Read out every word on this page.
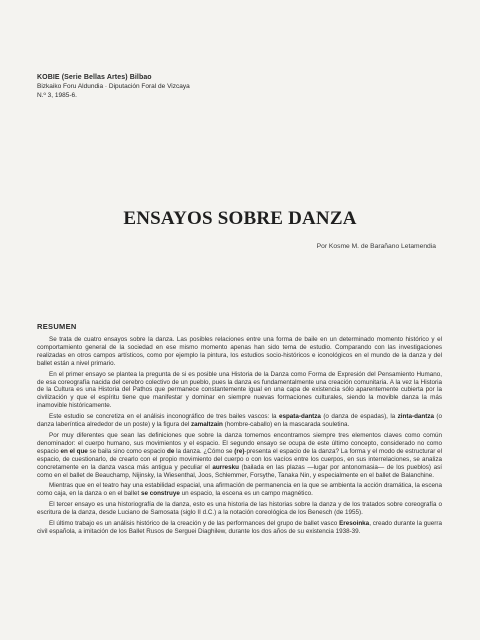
KOBIE (Serie Bellas Artes) Bilbao
Bizkaiko Foru Aldundia · Diputación Foral de Vizcaya
N.º 3, 1985-6.
ENSAYOS SOBRE DANZA
Por Kosme M. de Barañano Letamendia
RESUMEN

Se trata de cuatro ensayos sobre la danza. Las posibles relaciones entre una forma de baile en un determinado momento histórico y el comportamiento general de la sociedad en ese mismo momento apenas han sido tema de estudio. Comparando con las investigaciones realizadas en otros campos artísticos, como por ejemplo la pintura, los estudios socio-históricos e iconológicos en el mundo de la danza y del ballet están a nivel primario.

En el primer ensayo se plantea la pregunta de si es posible una Historia de la Danza como Forma de Expresión del Pensamiento Humano, de esa coreografía nacida del cerebro colectivo de un pueblo, pues la danza es fundamentalmente una creación comunitaria. A la vez la Historia de la Cultura es una Historia del Pathos que permanece constantemente igual en una capa de existencia sólo aparentemente cubierta por la civilización y que el espíritu tiene que manifestar y dominar en siempre nuevas formaciones culturales, siendo la movible danza la más inamovible históricamente.

Este estudio se concretiza en el análisis inconográfico de tres bailes vascos: la espata-dantza (o danza de espadas), la zinta-dantza (o danza laberíntica alrededor de un poste) y la figura del zamaltzain (hombre-caballo) en la mascarada souletina.

Por muy diferentes que sean las definiciones que sobre la danza tomemos encontramos siempre tres elementos claves como común denominador: el cuerpo humano, sus movimientos y el espacio. El segundo ensayo se ocupa de este último concepto, considerado no como espacio en el que se baila sino como espacio de la danza. ¿Cómo se (re)-presenta el espacio de la danza? La forma y el modo de estructurar el espacio, de cuestionarlo, de crearlo con el propio movimiento del cuerpo o con los vacíos entre los cuerpos, en sus interrelaciones, se analiza concretamente en la danza vasca más antigua y peculiar el aurresku (bailada en las plazas —lugar por antonomasia— de los pueblos) así como en el ballet de Beauchamp, Nijinsky, la Wiesenthal, Joos, Schlemmer, Forsythe, Tanaka Nin, y especialmente en el ballet de Balanchine.

Mientras que en el teatro hay una estabilidad espacial, una afirmación de permanencia en la que se ambienta la acción dramática, la escena como caja, en la danza o en el ballet se construye un espacio, la escena es un campo magnético.

El tercer ensayo es una historiografía de la danza, esto es una historia de las historias sobre la danza y de los tratados sobre coreografía o escritura de la danza, desde Luciano de Samosata (siglo II d.C.) a la notación coreológica de los Benesch (de 1955).

El último trabajo es un análisis histórico de la creación y de las performances del grupo de ballet vasco Eresoinka, creado durante la guerra civil española, a imitación de los Ballet Rusos de Serguei Diaghilew, durante los dos años de su existencia 1938-39.
